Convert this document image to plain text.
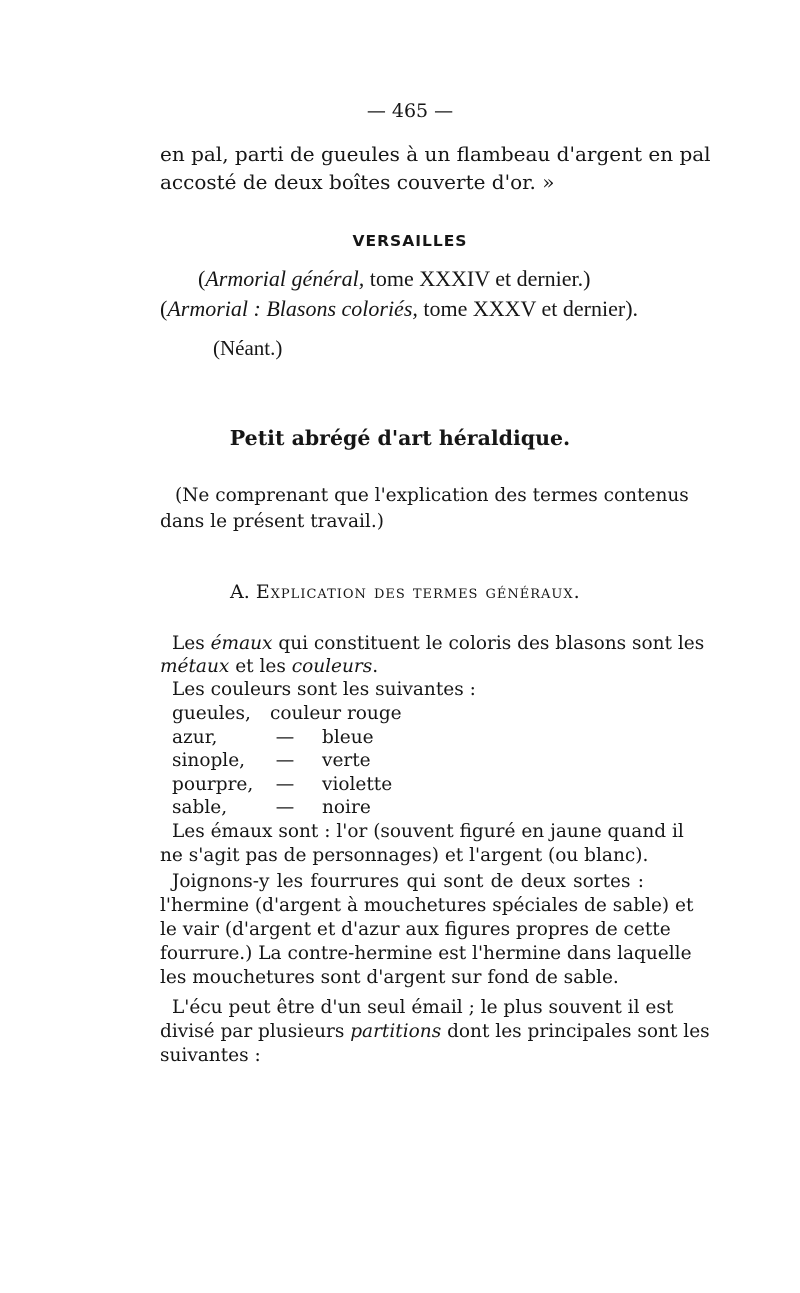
— 465 —
en pal, parti de gueules à un flambeau d'argent en pal
accosté de deux boîtes couverte d'or. »
VERSAILLES
(Armorial général, tome XXXIV et dernier.)
(Armorial : Blasons coloriés, tome XXXV et dernier).
(Néant.)
Petit abrégé d'art héraldique.
(Ne comprenant que l'explication des termes contenus
dans le présent travail.)
A. Explication des termes généraux.
Les émaux qui constituent le coloris des blasons sont les
métaux et les couleurs.
Les couleurs sont les suivantes :
gueules,	couleur rouge	
azur,	—	bleue
sinople,	—	verte
pourpre,	—	violette
sable,	—	noire
Les émaux sont : l'or (souvent figuré en jaune quand il
ne s'agit pas de personnages) et l'argent (ou blanc).
Joignons-y les fourrures qui sont de deux sortes :
l'hermine (d'argent à mouchetures spéciales de sable) et
le vair (d'argent et d'azur aux figures propres de cette
fourrure.) La contre-hermine est l'hermine dans laquelle
les mouchetures sont d'argent sur fond de sable.
L'écu peut être d'un seul émail ; le plus souvent il est
divisé par plusieurs partitions dont les principales sont les
suivantes :
